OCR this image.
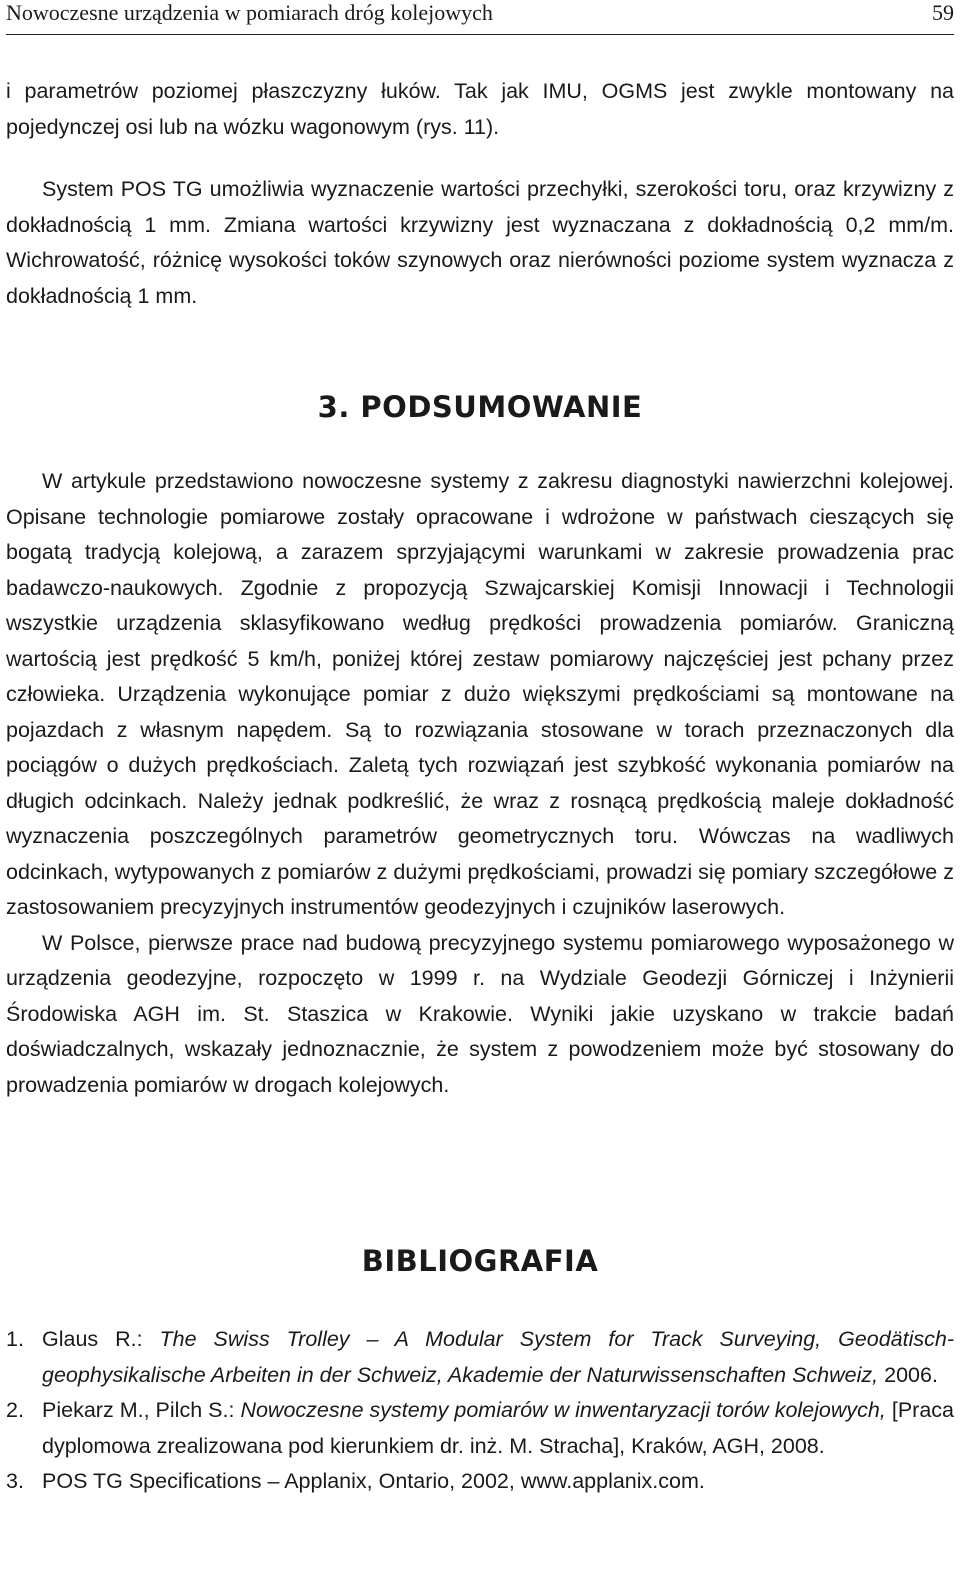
Nowoczesne urządzenia w pomiarach dróg kolejowych	59

i parametrów poziomej płaszczyzny łuków. Tak jak IMU, OGMS jest zwykle montowany na pojedynczej osi lub na wózku wagonowym (rys. 11).

System POS TG umożliwia wyznaczenie wartości przechyłki, szerokości toru, oraz krzywizny z dokładnością 1 mm. Zmiana wartości krzywizny jest wyznaczana z dokładnością 0,2 mm/m. Wichrowatość, różnicę wysokości toków szynowych oraz nierówności poziome system wyznacza z dokładnością 1 mm.

3. PODSUMOWANIE

W artykule przedstawiono nowoczesne systemy z zakresu diagnostyki nawierzchni kolejowej. Opisane technologie pomiarowe zostały opracowane i wdrożone w państwach cieszących się bogatą tradycją kolejową, a zarazem sprzyjającymi warunkami w zakresie prowadzenia prac badawczo-naukowych. Zgodnie z propozycją Szwajcarskiej Komisji Innowacji i Technologii wszystkie urządzenia sklasyfikowano według prędkości prowadzenia pomiarów. Graniczną wartością jest prędkość 5 km/h, poniżej której zestaw pomiarowy najczęściej jest pchany przez człowieka. Urządzenia wykonujące pomiar z dużo większymi prędkościami są montowane na pojazdach z własnym napędem. Są to rozwiązania stosowane w torach przeznaczonych dla pociągów o dużych prędkościach. Zaletą tych rozwiązań jest szybkość wykonania pomiarów na długich odcinkach. Należy jednak podkreślić, że wraz z rosnącą prędkością maleje dokładność wyznaczenia poszczególnych parametrów geometrycznych toru. Wówczas na wadliwych odcinkach, wytypowanych z pomiarów z dużymi prędkościami, prowadzi się pomiary szczegółowe z zastosowaniem precyzyjnych instrumentów geodezyjnych i czujników laserowych.

W Polsce, pierwsze prace nad budową precyzyjnego systemu pomiarowego wyposażonego w urządzenia geodezyjne, rozpoczęto w 1999 r. na Wydziale Geodezji Górniczej i Inżynierii Środowiska AGH im. St. Staszica w Krakowie. Wyniki jakie uzyskano w trakcie badań doświadczalnych, wskazały jednoznacznie, że system z powodzeniem może być stosowany do prowadzenia pomiarów w drogach kolejowych.

BIBLIOGRAFIA
1. Glaus R.: The Swiss Trolley – A Modular System for Track Surveying, Geodätisch-geophysikalische Arbeiten in der Schweiz, Akademie der Naturwissenschaften Schweiz, 2006.
2. Piekarz M., Pilch S.: Nowoczesne systemy pomiarów w inwentaryzacji torów kolejowych, [Praca dyplomowa zrealizowana pod kierunkiem dr. inż. M. Stracha], Kraków, AGH, 2008.
3. POS TG Specifications – Applanix, Ontario, 2002, www.applanix.com.
